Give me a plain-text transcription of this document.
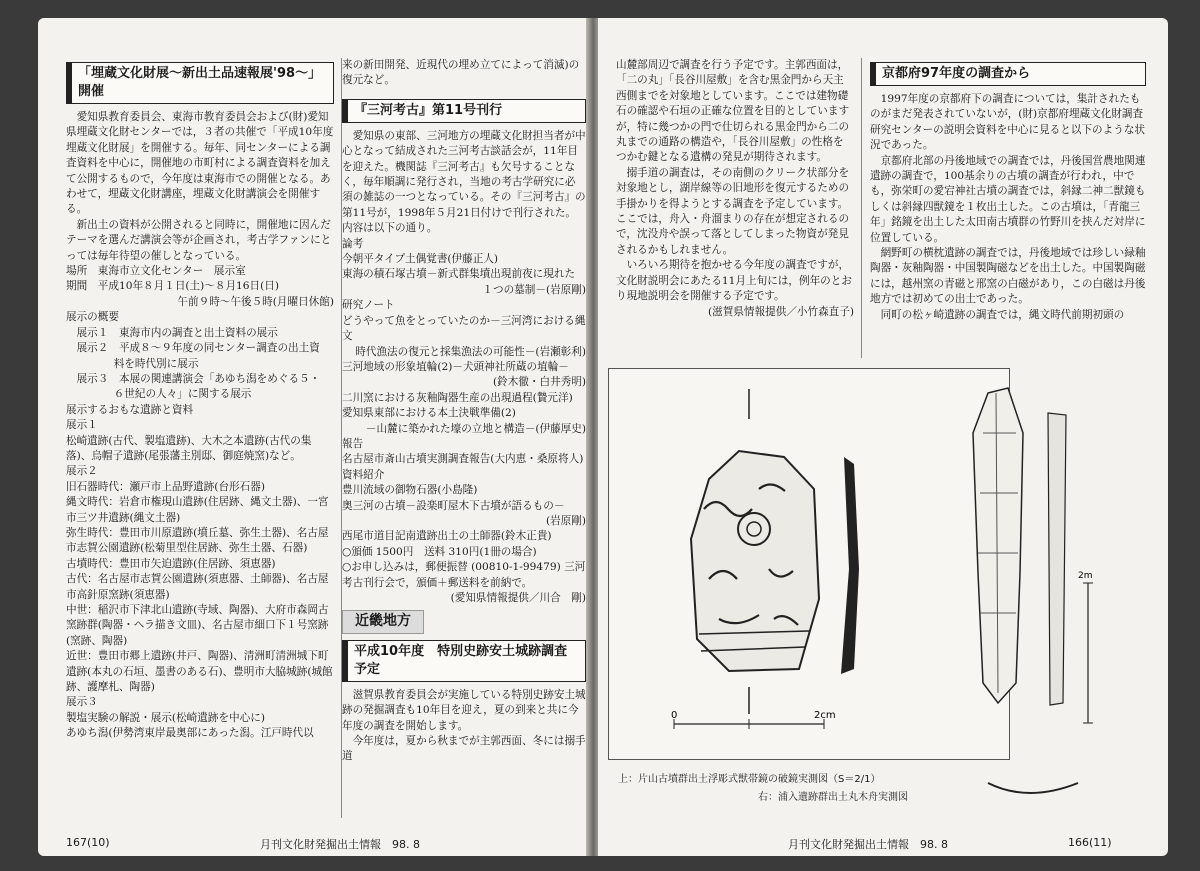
「埋蔵文化財展～新出土品速報展'98～」開催

愛知県教育委員会、東海市教育委員会および(財)愛知県埋蔵文化財センターでは，３者の共催で「平成10年度埋蔵文化財展」を開催する。毎年、同センターによる調査資料を中心に，開催地の市町村による調査資料を加えて公開するもので，今年度は東海市での開催となる。あわせて，埋蔵文化財講座，埋蔵文化財講演会を開催する。

新出土の資料が公開されると同時に，開催地に因んだテーマを選んだ講演会等が企画され，考古学ファンにとっては毎年待望の催しとなっている。

場所　東海市立文化センター　展示室

期間　平成10年８月１日(土)～８月16日(日)

午前９時～午後５時(月曜日休館)

展示の概要

展示１　東海市内の調査と出土資料の展示

展示２　平成８～９年度の同センター調査の出土資

料を時代別に展示

展示３　本展の関連講演会「あゆち潟をめぐる５・

６世紀の人々」に関する展示

展示するおもな遺跡と資料

展示１

松崎遺跡(古代、製塩遺跡)、大木之本遺跡(古代の集落)、烏帽子遺跡(尾張藩主別邸、御庭焼窯)など。

展示２

旧石器時代：瀬戸市上品野遺跡(台形石器)

縄文時代：岩倉市権現山遺跡(住居跡、縄文土器)、一宮市三ツ井遺跡(縄文土器)

弥生時代：豊田市川原遺跡(墳丘墓、弥生土器)、名古屋市志賀公園遺跡(松菊里型住居跡、弥生土器、石器)

古墳時代：豊田市矢迫遺跡(住居跡、須恵器)

古代：名古屋市志賀公園遺跡(須恵器、土師器)、名古屋市高針原窯跡(須恵器)

中世：稲沢市下津北山遺跡(寺域、陶器)、大府市森岡古窯跡群(陶器・ヘラ描き文皿)、名古屋市細口下１号窯跡(窯跡、陶器)

近世：豊田市郷上遺跡(井戸、陶器)、清洲町清洲城下町遺跡(本丸の石垣、墨書のある石)、豊明市大脇城跡(城館跡、護摩札、陶器)

展示３

製塩実験の解説・展示(松崎遺跡を中心に)

あゆち潟(伊勢湾東岸最奥部にあった潟。江戸時代以

来の新田開発、近現代の埋め立てによって消滅)の復元など。

『三河考古』第11号刊行

愛知県の東部、三河地方の埋蔵文化財担当者が中心となって結成された三河考古談話会が，11年目を迎えた。機関誌『三河考古』も欠号することなく，毎年順調に発行され，当地の考古学研究に必須の雑誌の一つとなっている。その『三河考古』の第11号が，1998年５月21日付けで刊行された。内容は以下の通り。

論考

今朝平タイプ土偶覚書(伊藤正人)

東海の積石塚古墳－新式群集墳出現前夜に現れた

１つの墓制－(岩原剛)

研究ノート

どうやって魚をとっていたのか－三河湾における縄文

時代漁法の復元と採集漁法の可能性－(岩瀬彰利)

三河地域の形象埴輪(2)－犬頭神社所蔵の埴輪－

(鈴木徹・白井秀明)

二川窯における灰釉陶器生産の出現過程(贄元洋)

愛知県東部における本土決戦準備(2)

－山麓に築かれた壕の立地と構造－(伊藤厚史)

報告

名古屋市斎山古墳実測調査報告(大内恵・桑原将人)

資料紹介

豊川流域の御物石器(小島隆)

奥三河の古墳－設楽町屋木下古墳が語るもの－

(岩原剛)

西尾市道目記南遺跡出土の土師器(鈴木正貴)

○頒価 1500円　送料 310円(1冊の場合)

○お申し込みは，郵便振替 (00810-1-99479) 三河考古刊行会で，頒価＋郵送料を前納で。

(愛知県情報提供／川合　剛)

近畿地方
平成10年度　特別史跡安土城跡調査予定

滋賀県教育委員会が実施している特別史跡安土城跡の発掘調査も10年目を迎え，夏の到来と共に今年度の調査を開始します。

今年度は，夏から秋までが主郭西面、冬には搦手道

167(10)	月刊文化財発掘出土情報　98. 8

山麓部周辺で調査を行う予定です。主郭西面は，「二の丸」「長谷川屋敷」を含む黒金門から天主西側までを対象地としています。ここでは建物礎石の確認や石垣の正確な位置を目的としていますが，特に幾つかの門で仕切られる黒金門から二の丸までの通路の構造や，「長谷川屋敷」の性格をつかむ鍵となる遺構の発見が期待されます。

搦手道の調査は，その南側のクリーク状部分を対象地とし，湖岸線等の旧地形を復元するための手掛かりを得ようとする調査を予定しています。ここでは，舟入・舟溜まりの存在が想定されるので，沈没舟や誤って落としてしまった物資が発見されるかもしれません。

いろいろ期待を抱かせる今年度の調査ですが，文化財説明会にあたる11月上旬には，例年のとおり現地説明会を開催する予定です。

(滋賀県情報提供／小竹森直子)

京都府97年度の調査から

1997年度の京都府下の調査については，集計されたものがまだ発表されていないが，(財)京都府埋蔵文化財調査研究センターの説明会資料を中心に見ると以下のような状況であった。

京都府北部の丹後地域での調査では，丹後国営農地関連遺跡の調査で，100基余りの古墳の調査が行われ，中でも，弥栄町の愛宕神社古墳の調査では，斜縁二神二獣鏡もしくは斜縁四獣鏡を１枚出土した。この古墳は，「青龍三年」銘鏡を出土した太田南古墳群の竹野川を挟んだ対岸に位置している。

網野町の横枕遺跡の調査では，丹後地域では珍しい緑釉陶器・灰釉陶器・中国製陶磁などを出土した。中国製陶磁には，越州窯の青磁と邢窯の白磁があり，この白磁は丹後地方では初めての出土であった。

同町の松ヶ崎遺跡の調査では，縄文時代前期初頭の

0	2cm
2m
上：片山古墳群出土浮彫式獣帯鏡の破鏡実測図（S＝2/1）
右：浦入遺跡群出土丸木舟実測図
月刊文化財発掘出土情報　98. 8	166(11)
